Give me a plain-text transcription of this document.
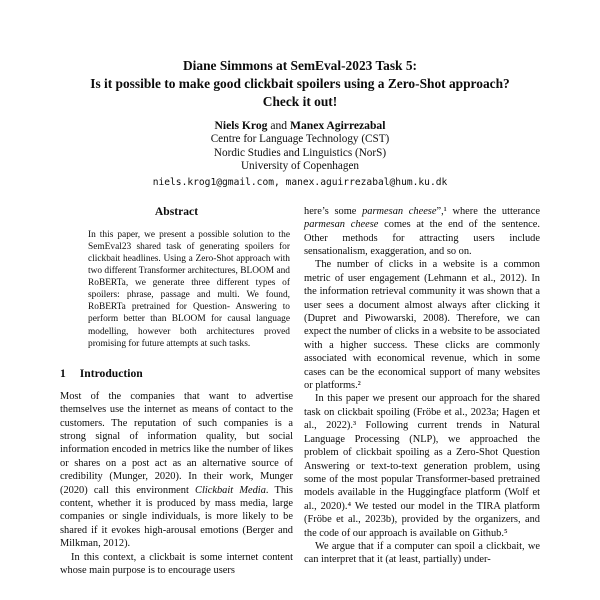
Diane Simmons at SemEval-2023 Task 5:
Is it possible to make good clickbait spoilers using a Zero-Shot approach?
Check it out!
Niels Krog and Manex Agirrezabal
Centre for Language Technology (CST)
Nordic Studies and Linguistics (NorS)
University of Copenhagen
niels.krog1@gmail.com, manex.aguirrezabal@hum.ku.dk
Abstract

In this paper, we present a possible solution to the SemEval23 shared task of generating spoilers for clickbait headlines. Using a Zero-Shot approach with two different Transformer architectures, BLOOM and RoBERTa, we generate three different types of spoilers: phrase, passage and multi. We found, RoBERTa pretrained for Question- Answering to perform better than BLOOM for causal language modelling, however both architectures proved promising for future attempts at such tasks.

1 Introduction

Most of the companies that want to advertise themselves use the internet as means of contact to the customers. The reputation of such companies is a strong signal of information quality, but social information encoded in metrics like the number of likes or shares on a post act as an alternative source of credibility (Munger, 2020). In their work, Munger (2020) call this environment Clickbait Media. This content, whether it is produced by mass media, large companies or single individuals, is more likely to be shared if it evokes high-arousal emotions (Berger and Milkman, 2012).

In this context, a clickbait is some internet content whose main purpose is to encourage users

here’s some parmesan cheese”,¹ where the utterance parmesan cheese comes at the end of the sentence. Other methods for attracting users include sensationalism, exaggeration, and so on.

The number of clicks in a website is a common metric of user engagement (Lehmann et al., 2012). In the information retrieval community it was shown that a user sees a document almost always after clicking it (Dupret and Piwowarski, 2008). Therefore, we can expect the number of clicks in a website to be associated with a higher success. These clicks are commonly associated with economical revenue, which in some cases can be the economical support of many websites or platforms.²

In this paper we present our approach for the shared task on clickbait spoiling (Fröbe et al., 2023a; Hagen et al., 2022).³ Following current trends in Natural Language Processing (NLP), we approached the problem of clickbait spoiling as a Zero-Shot Question Answering or text-to-text generation problem, using some of the most popular Transformer-based pretrained models available in the Huggingface platform (Wolf et al., 2020).⁴ We tested our model in the TIRA platform (Fröbe et al., 2023b), provided by the organizers, and the code of our approach is available on Github.⁵

We argue that if a computer can spoil a clickbait, we can interpret that it (at least, partially) under-
